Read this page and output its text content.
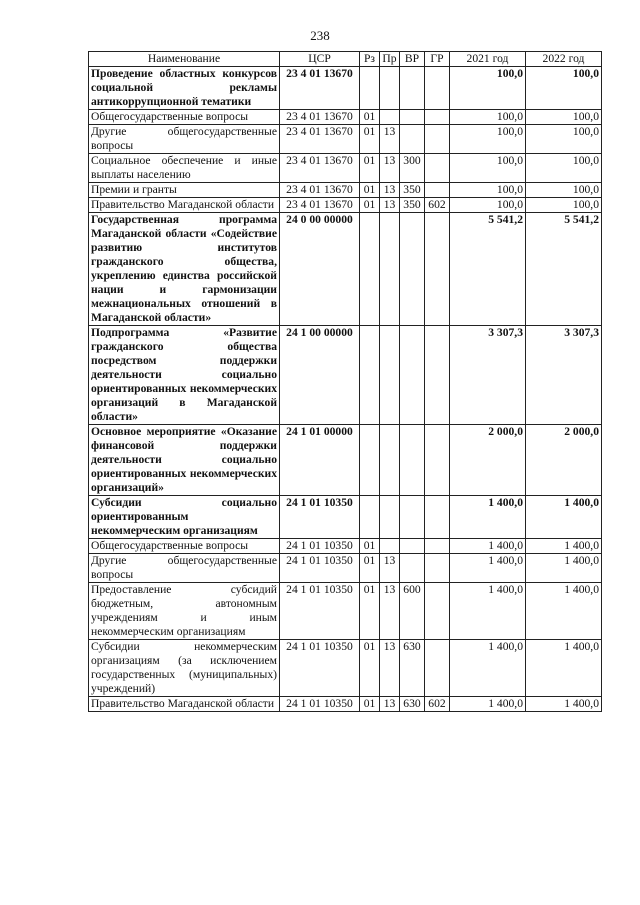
238
Наименование	ЦСР	Рз	Пр	ВР	ГР	2021 год	2022 год
Проведение областных конкурсов социальной рекламы антикоррупционной тематики	23 4 01 13670					100,0	100,0
Общегосударственные вопросы	23 4 01 13670	01				100,0	100,0
Другие общегосударственные вопросы	23 4 01 13670	01	13			100,0	100,0
Социальное обеспечение и иные выплаты населению	23 4 01 13670	01	13	300		100,0	100,0
Премии и гранты	23 4 01 13670	01	13	350		100,0	100,0
Правительство Магаданской области	23 4 01 13670	01	13	350	602	100,0	100,0
Государственная программа Магаданской области «Содействие развитию институтов гражданского общества, укреплению единства российской нации и гармонизации межнациональных отношений в Магаданской области»	24 0 00 00000					5 541,2	5 541,2
Подпрограмма «Развитие гражданского общества посредством поддержки деятельности социально ориентированных некоммерческих организаций в Магаданской области»	24 1 00 00000					3 307,3	3 307,3
Основное мероприятие «Оказание финансовой поддержки деятельности социально ориентированных некоммерческих организаций»	24 1 01 00000					2 000,0	2 000,0
Субсидии социально ориентированным некоммерческим организациям	24 1 01 10350					1 400,0	1 400,0
Общегосударственные вопросы	24 1 01 10350	01				1 400,0	1 400,0
Другие общегосударственные вопросы	24 1 01 10350	01	13			1 400,0	1 400,0
Предоставление субсидий бюджетным, автономным учреждениям и иным некоммерческим организациям	24 1 01 10350	01	13	600		1 400,0	1 400,0
Субсидии некоммерческим организациям (за исключением государственных (муниципальных) учреждений)	24 1 01 10350	01	13	630		1 400,0	1 400,0
Правительство Магаданской области	24 1 01 10350	01	13	630	602	1 400,0	1 400,0
